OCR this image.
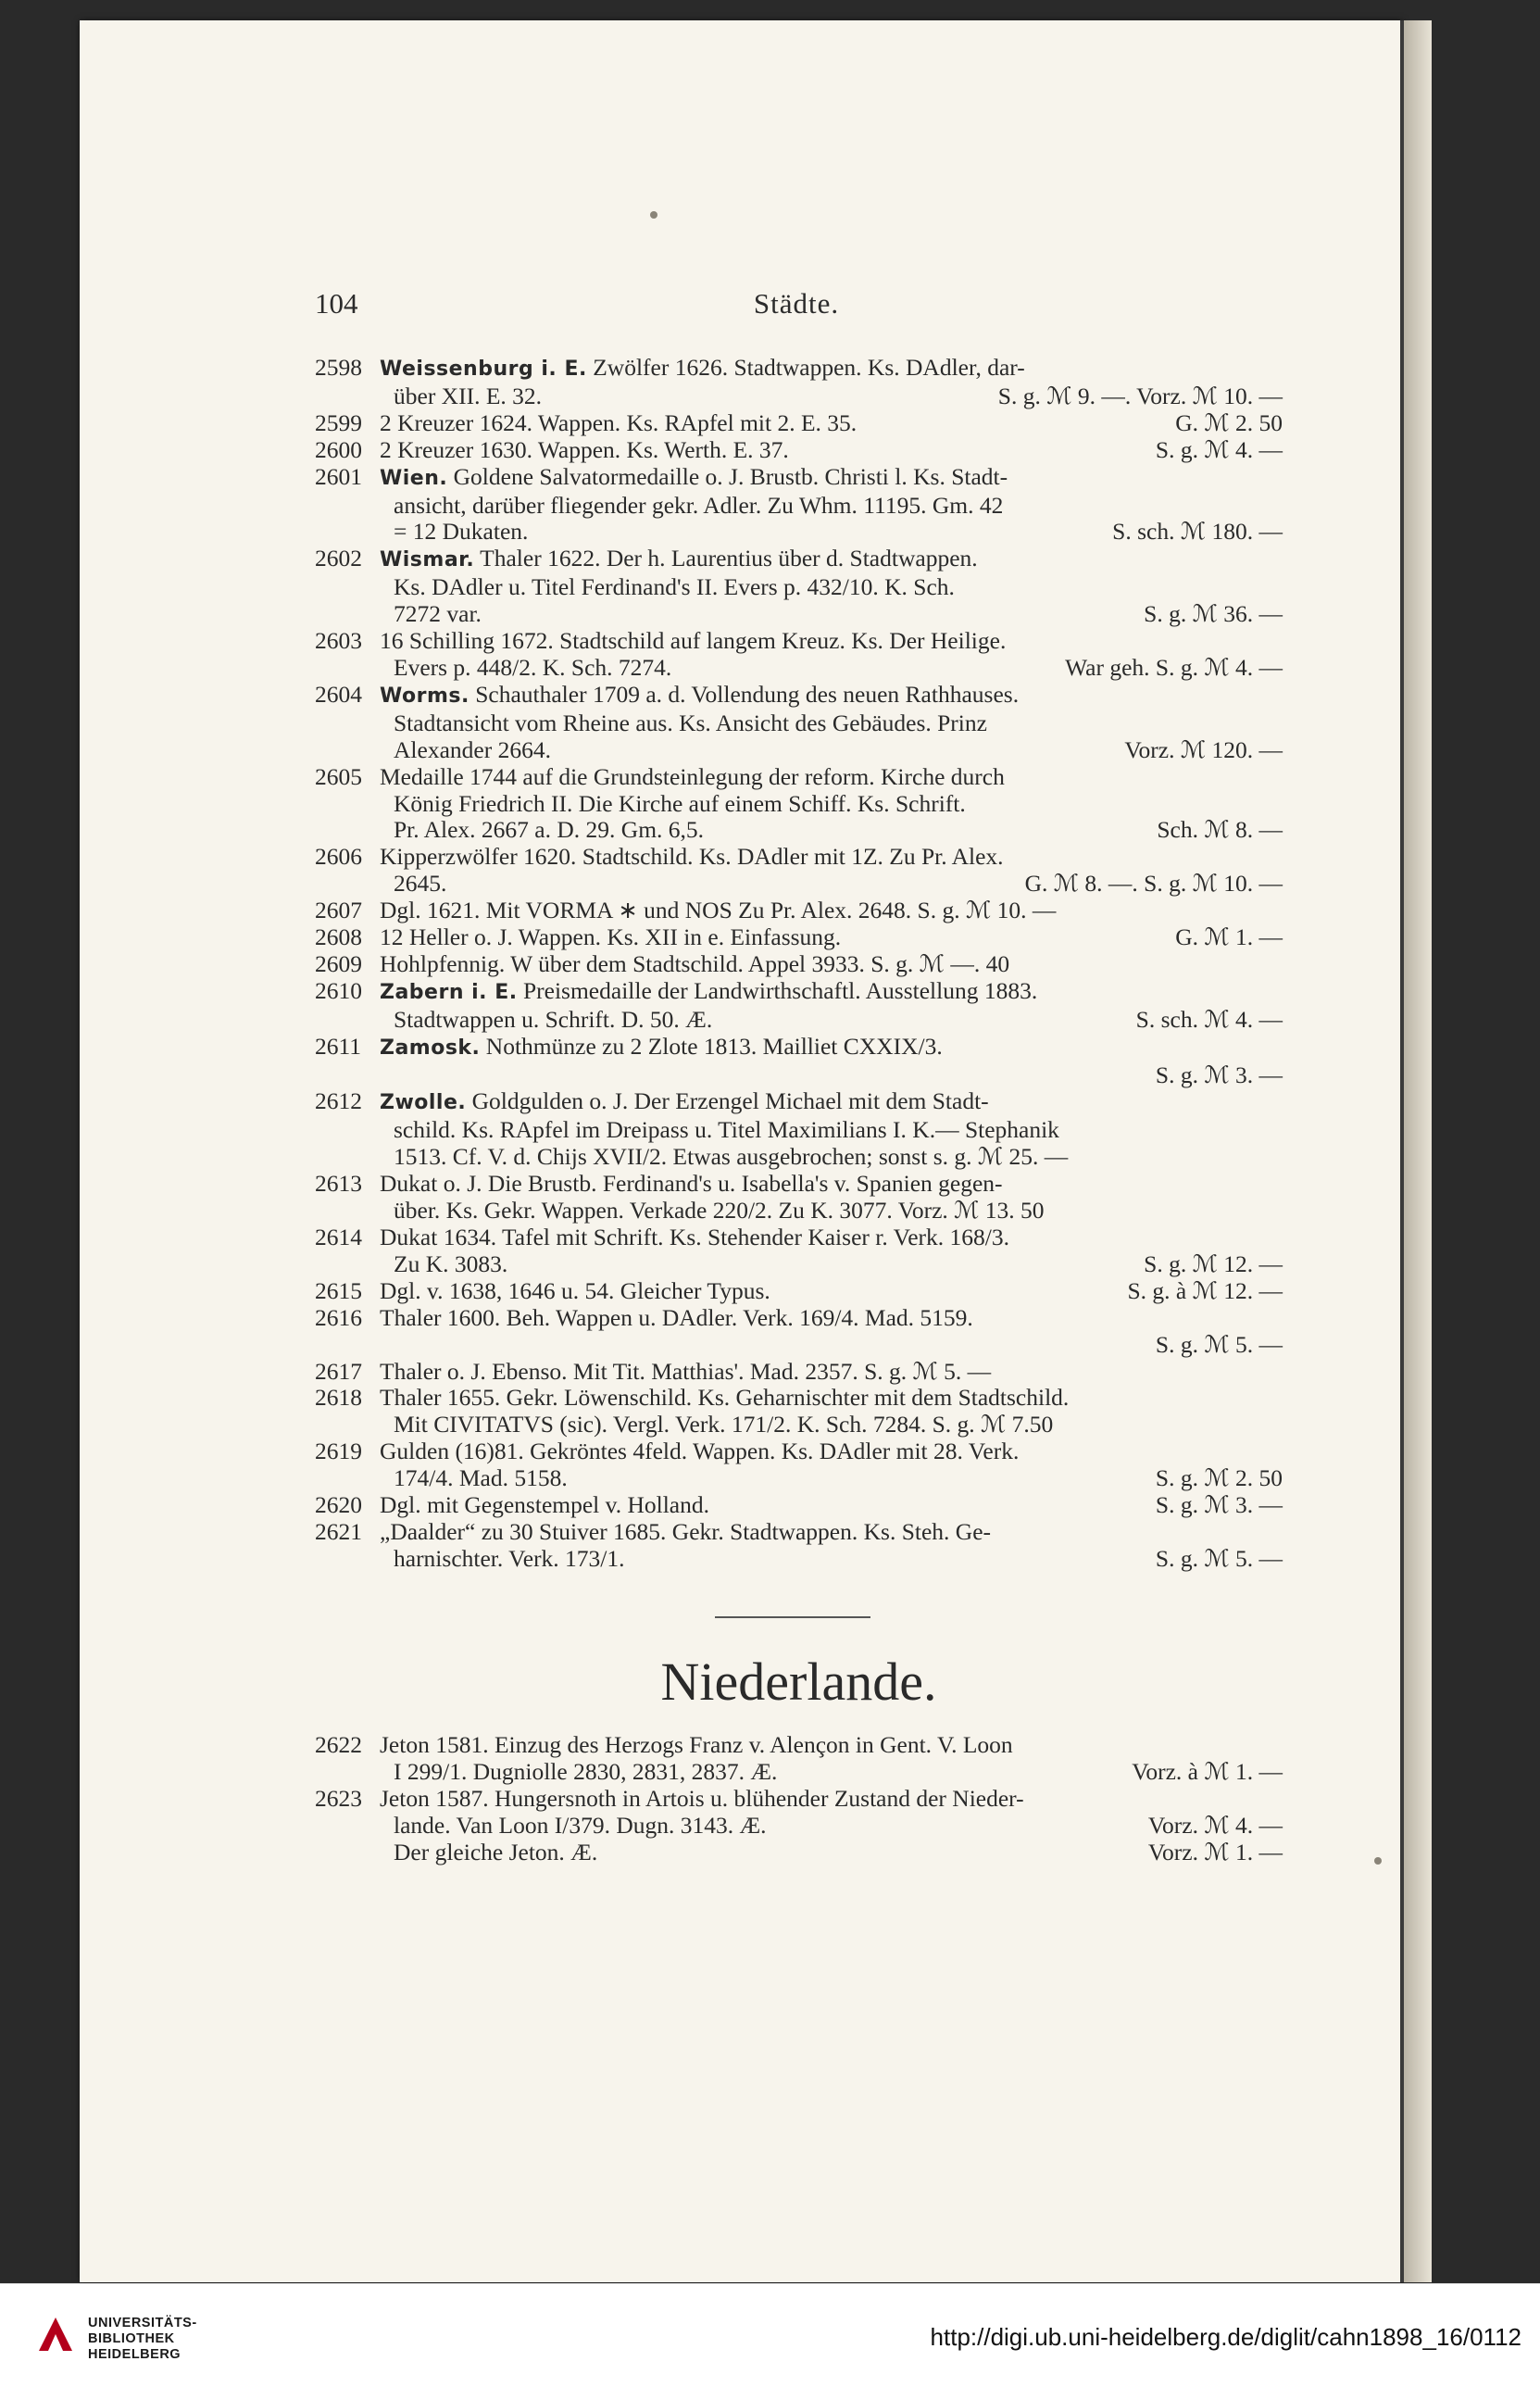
104	Städte.
2598 Weissenburg i. E. Zwölfer 1626. Stadtwappen. Ks. DAdler, dar-
über XII. E. 32.	S. g. ℳ 9. —. Vorz. ℳ 10. —
2599 2 Kreuzer 1624. Wappen. Ks. RApfel mit 2. E. 35.	G. ℳ 2. 50
2600 2 Kreuzer 1630. Wappen. Ks. Werth. E. 37.	S. g. ℳ 4. —
2601 Wien. Goldene Salvatormedaille o. J. Brustb. Christi l. Ks. Stadt-
ansicht, darüber fliegender gekr. Adler. Zu Whm. 11195. Gm. 42
= 12 Dukaten.	S. sch. ℳ 180. —
2602 Wismar. Thaler 1622. Der h. Laurentius über d. Stadtwappen.
Ks. DAdler u. Titel Ferdinand's II. Evers p. 432/10. K. Sch.
7272 var.	S. g. ℳ 36. —
2603 16 Schilling 1672. Stadtschild auf langem Kreuz. Ks. Der Heilige.
Evers p. 448/2. K. Sch. 7274.	War geh. S. g. ℳ 4. —
2604 Worms. Schauthaler 1709 a. d. Vollendung des neuen Rathhauses.
Stadtansicht vom Rheine aus. Ks. Ansicht des Gebäudes. Prinz
Alexander 2664.	Vorz. ℳ 120. —
2605 Medaille 1744 auf die Grundsteinlegung der reform. Kirche durch
König Friedrich II. Die Kirche auf einem Schiff. Ks. Schrift.
Pr. Alex. 2667 a. D. 29. Gm. 6,5.	Sch. ℳ 8. —
2606 Kipperzwölfer 1620. Stadtschild. Ks. DAdler mit 1Z. Zu Pr. Alex.
2645.	G. ℳ 8. —. S. g. ℳ 10. —
2607 Dgl. 1621. Mit VORMA ∗ und NOS Zu Pr. Alex. 2648. S. g. ℳ 10. —
2608 12 Heller o. J. Wappen. Ks. XII in e. Einfassung.	G. ℳ 1. —
2609 Hohlpfennig. W über dem Stadtschild. Appel 3933. S. g. ℳ —. 40
2610 Zabern i. E. Preismedaille der Landwirthschaftl. Ausstellung 1883.
Stadtwappen u. Schrift. D. 50. Æ.	S. sch. ℳ 4. —
2611 Zamosk. Nothmünze zu 2 Zlote 1813. Mailliet CXXIX/3.
S. g. ℳ 3. —
2612 Zwolle. Goldgulden o. J. Der Erzengel Michael mit dem Stadt-
schild. Ks. RApfel im Dreipass u. Titel Maximilians I. K.— Stephanik
1513. Cf. V. d. Chijs XVII/2. Etwas ausgebrochen; sonst s. g. ℳ 25. —
2613 Dukat o. J. Die Brustb. Ferdinand's u. Isabella's v. Spanien gegen-
über. Ks. Gekr. Wappen. Verkade 220/2. Zu K. 3077. Vorz. ℳ 13. 50
2614 Dukat 1634. Tafel mit Schrift. Ks. Stehender Kaiser r. Verk. 168/3.
Zu K. 3083.	S. g. ℳ 12. —
2615 Dgl. v. 1638, 1646 u. 54. Gleicher Typus.	S. g. à ℳ 12. —
2616 Thaler 1600. Beh. Wappen u. DAdler. Verk. 169/4. Mad. 5159.
S. g. ℳ 5. —
2617 Thaler o. J. Ebenso. Mit Tit. Matthias'. Mad. 2357. S. g. ℳ 5. —
2618 Thaler 1655. Gekr. Löwenschild. Ks. Geharnischter mit dem Stadtschild.
Mit CIVITATVS (sic). Vergl. Verk. 171/2. K. Sch. 7284. S. g. ℳ 7.50
2619 Gulden (16)81. Gekröntes 4feld. Wappen. Ks. DAdler mit 28. Verk.
174/4. Mad. 5158.	S. g. ℳ 2. 50
2620 Dgl. mit Gegenstempel v. Holland.	S. g. ℳ 3. —
2621 „Daalder“ zu 30 Stuiver 1685. Gekr. Stadtwappen. Ks. Steh. Ge-
harnischter. Verk. 173/1.	S. g. ℳ 5. —
Niederlande.
2622 Jeton 1581. Einzug des Herzogs Franz v. Alençon in Gent. V. Loon
I 299/1. Dugniolle 2830, 2831, 2837. Æ.	Vorz. à ℳ 1. —
2623 Jeton 1587. Hungersnoth in Artois u. blühender Zustand der Nieder-
lande. Van Loon I/379. Dugn. 3143. Æ.	Vorz. ℳ 4. —
Der gleiche Jeton. Æ.	Vorz. ℳ 1. —
UNIVERSITÄTS-
BIBLIOTHEK
HEIDELBERG
http://digi.ub.uni-heidelberg.de/diglit/cahn1898_16/0112
